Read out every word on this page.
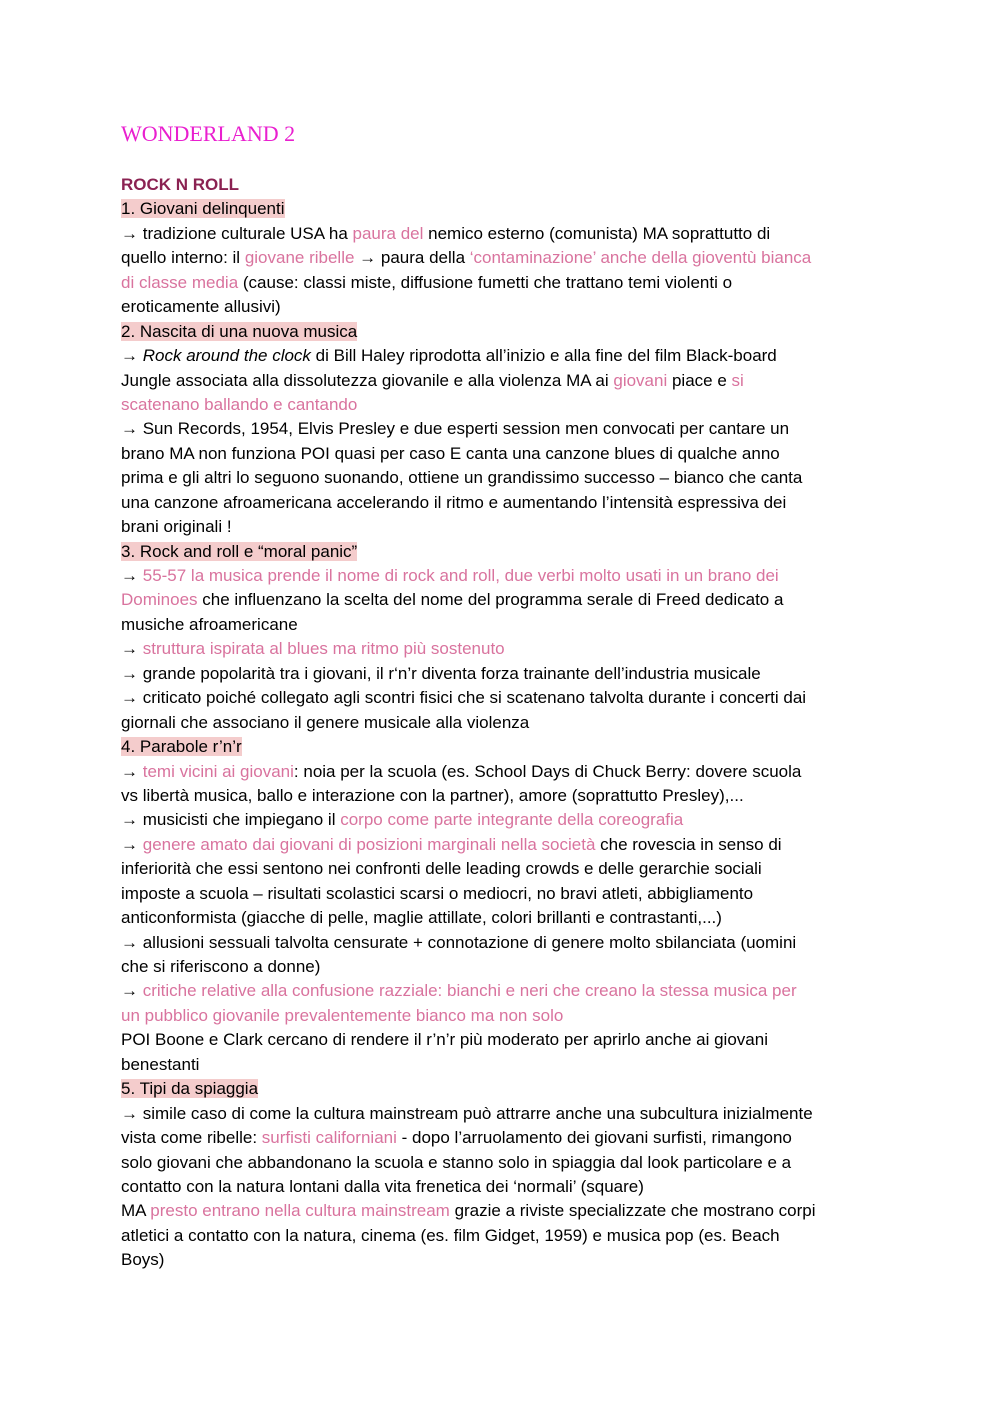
WONDERLAND 2
ROCK N ROLL
1. Giovani delinquenti
→ tradizione culturale USA ha paura del nemico esterno (comunista) MA soprattutto di
quello interno: il giovane ribelle → paura della ‘contaminazione’ anche della gioventù bianca
di classe media (cause: classi miste, diffusione fumetti che trattano temi violenti o
eroticamente allusivi)
2. Nascita di una nuova musica
→ Rock around the clock di Bill Haley riprodotta all’inizio e alla fine del film Black-board
Jungle associata alla dissolutezza giovanile e alla violenza MA ai giovani piace e si
scatenano ballando e cantando
→ Sun Records, 1954, Elvis Presley e due esperti session men convocati per cantare un
brano MA non funziona POI quasi per caso E canta una canzone blues di qualche anno
prima e gli altri lo seguono suonando, ottiene un grandissimo successo – bianco che canta
una canzone afroamericana accelerando il ritmo e aumentando l’intensità espressiva dei
brani originali !
3. Rock and roll e “moral panic”
→ 55-57 la musica prende il nome di rock and roll, due verbi molto usati in un brano dei
Dominoes che influenzano la scelta del nome del programma serale di Freed dedicato a
musiche afroamericane
→ struttura ispirata al blues ma ritmo più sostenuto
→ grande popolarità tra i giovani, il r‘n’r diventa forza trainante dell’industria musicale
→ criticato poiché collegato agli scontri fisici che si scatenano talvolta durante i concerti dai
giornali che associano il genere musicale alla violenza
4. Parabole r’n’r
→ temi vicini ai giovani: noia per la scuola (es. School Days di Chuck Berry: dovere scuola
vs libertà musica, ballo e interazione con la partner), amore (soprattutto Presley),...
→ musicisti che impiegano il corpo come parte integrante della coreografia
→ genere amato dai giovani di posizioni marginali nella società che rovescia in senso di
inferiorità che essi sentono nei confronti delle leading crowds e delle gerarchie sociali
imposte a scuola – risultati scolastici scarsi o mediocri, no bravi atleti, abbigliamento
anticonformista (giacche di pelle, maglie attillate, colori brillanti e contrastanti,...)
→ allusioni sessuali talvolta censurate + connotazione di genere molto sbilanciata (uomini
che si riferiscono a donne)
→ critiche relative alla confusione razziale: bianchi e neri che creano la stessa musica per
un pubblico giovanile prevalentemente bianco ma non solo
POI Boone e Clark cercano di rendere il r’n’r più moderato per aprirlo anche ai giovani
benestanti
5. Tipi da spiaggia
→ simile caso di come la cultura mainstream può attrarre anche una subcultura inizialmente
vista come ribelle: surfisti californiani - dopo l’arruolamento dei giovani surfisti, rimangono
solo giovani che abbandonano la scuola e stanno solo in spiaggia dal look particolare e a
contatto con la natura lontani dalla vita frenetica dei ‘normali’ (square)
MA presto entrano nella cultura mainstream grazie a riviste specializzate che mostrano corpi
atletici a contatto con la natura, cinema (es. film Gidget, 1959) e musica pop (es. Beach
Boys)
